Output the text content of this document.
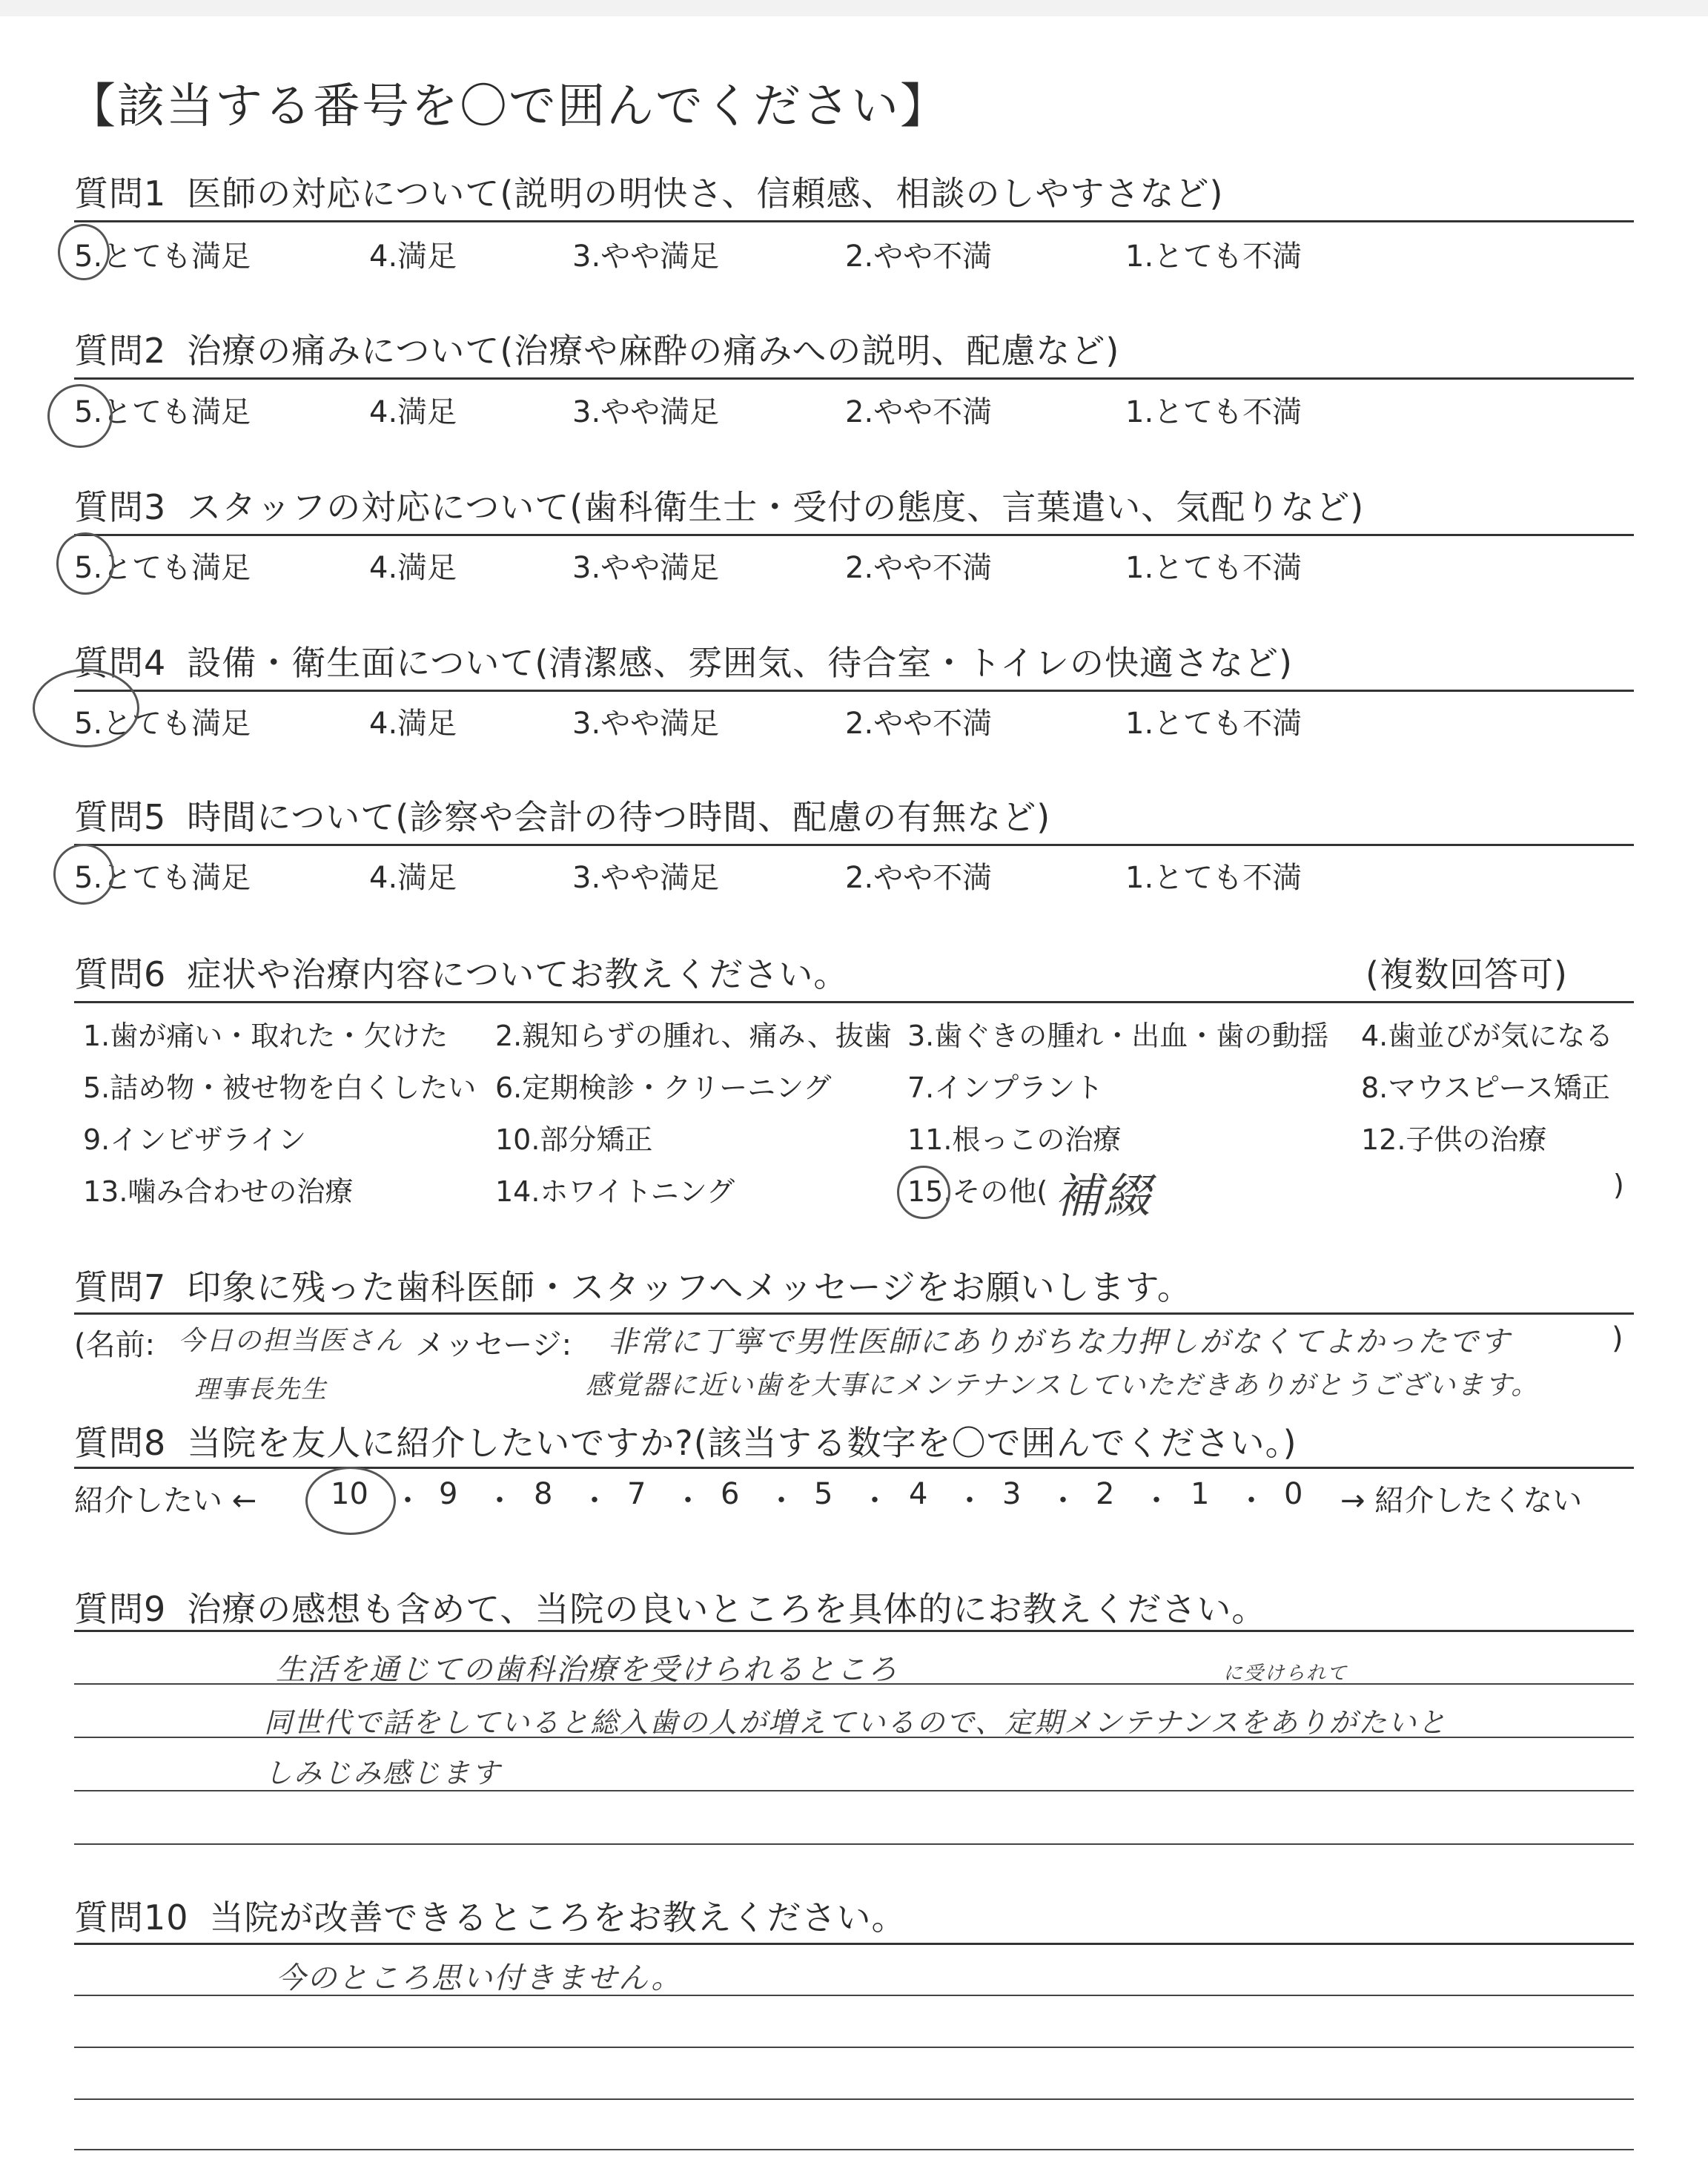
【該当する番号を〇で囲んでください】
質問1 医師の対応について(説明の明快さ、信頼感、相談のしやすさなど)
5.とても満足	4.満足	3.やや満足	2.やや不満	1.とても不満
質問2 治療の痛みについて(治療や麻酔の痛みへの説明、配慮など)
5.とても満足	4.満足	3.やや満足	2.やや不満	1.とても不満
質問3 スタッフの対応について(歯科衛生士・受付の態度、言葉遣い、気配りなど)
5.とても満足	4.満足	3.やや満足	2.やや不満	1.とても不満
質問4 設備・衛生面について(清潔感、雰囲気、待合室・トイレの快適さなど)
5.とても満足	4.満足	3.やや満足	2.やや不満	1.とても不満
質問5 時間について(診察や会計の待つ時間、配慮の有無など)
5.とても満足	4.満足	3.やや満足	2.やや不満	1.とても不満
質問6 症状や治療内容についてお教えください。	(複数回答可)
1.歯が痛い・取れた・欠けた 2.親知らずの腫れ、痛み、抜歯 3.歯ぐきの腫れ・出血・歯の動揺 4.歯並びが気になる
5.詰め物・被せ物を白くしたい 6.定期検診・クリーニング	7.インプラント	8.マウスピース矯正
9.インビザライン	10.部分矯正	11.根っこの治療	12.子供の治療
13.噛み合わせの治療	14.ホワイトニング	15.その他(	)
補綴
質問7 印象に残った歯科医師・スタッフへメッセージをお願いします。
(名前: 今日の担当医さん メッセージ:
理事長先生
非常に丁寧で男性医師にありがちな力押しがなくてよかったです
感覚器に近い歯を大事にメンテナンスしていただきありがとうございます。
)
質問8 当院を友人に紹介したいですか?(該当する数字を〇で囲んでください。)
紹介したい ← 10 ・ 9 ・ 8 ・ 7 ・ 6 ・ 5 ・ 4 ・ 3 ・ 2 ・ 1 ・ 0 → 紹介したくない
質問9 治療の感想も含めて、当院の良いところを具体的にお教えください。
生活を通じての歯科治療を受けられるところ	に受けられて
同世代で話をしていると総入歯の人が増えているので、定期メンテナンスをありがたいと
しみじみ感じます
質問10 当院が改善できるところをお教えください。
今のところ思い付きません。
